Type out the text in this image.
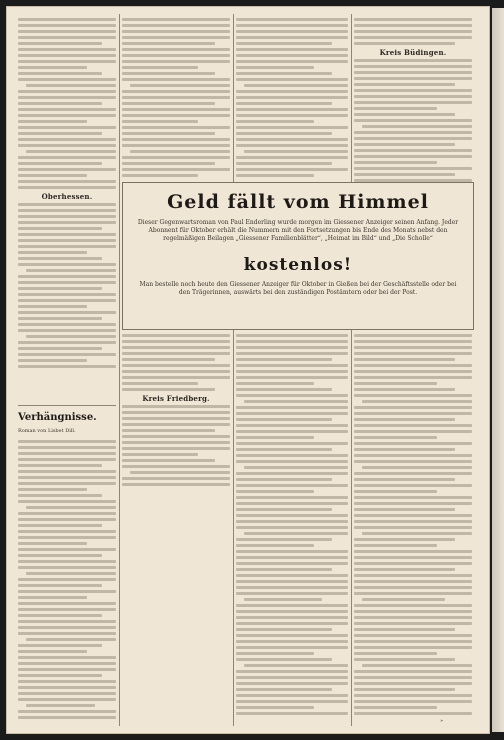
Oberhessen.
Kreis Büdingen.
Geld fällt vom Himmel
Dieser Gegenwartsroman von Paul Enderling wurde morgen im Giessener Anzeiger seinen Anfang. Jeder Abonnent für Oktober erhält die Nummern mit den Fortsetzungen bis Ende des Monats nebst den regelmäßigen Beilagen „Giessener Familienblätter“, „Heimat im Bild“ und „Die Scholle“
kostenlos!
Man bestelle noch heute den Giessener Anzeiger für Oktober in Gießen bei der Geschäftsstelle oder bei den Trägerinnen, auswärts bei den zuständigen Postämtern oder bei der Post.
Kreis Friedberg.
Verhängnisse.
Roman von Lisbet Dill.
»
